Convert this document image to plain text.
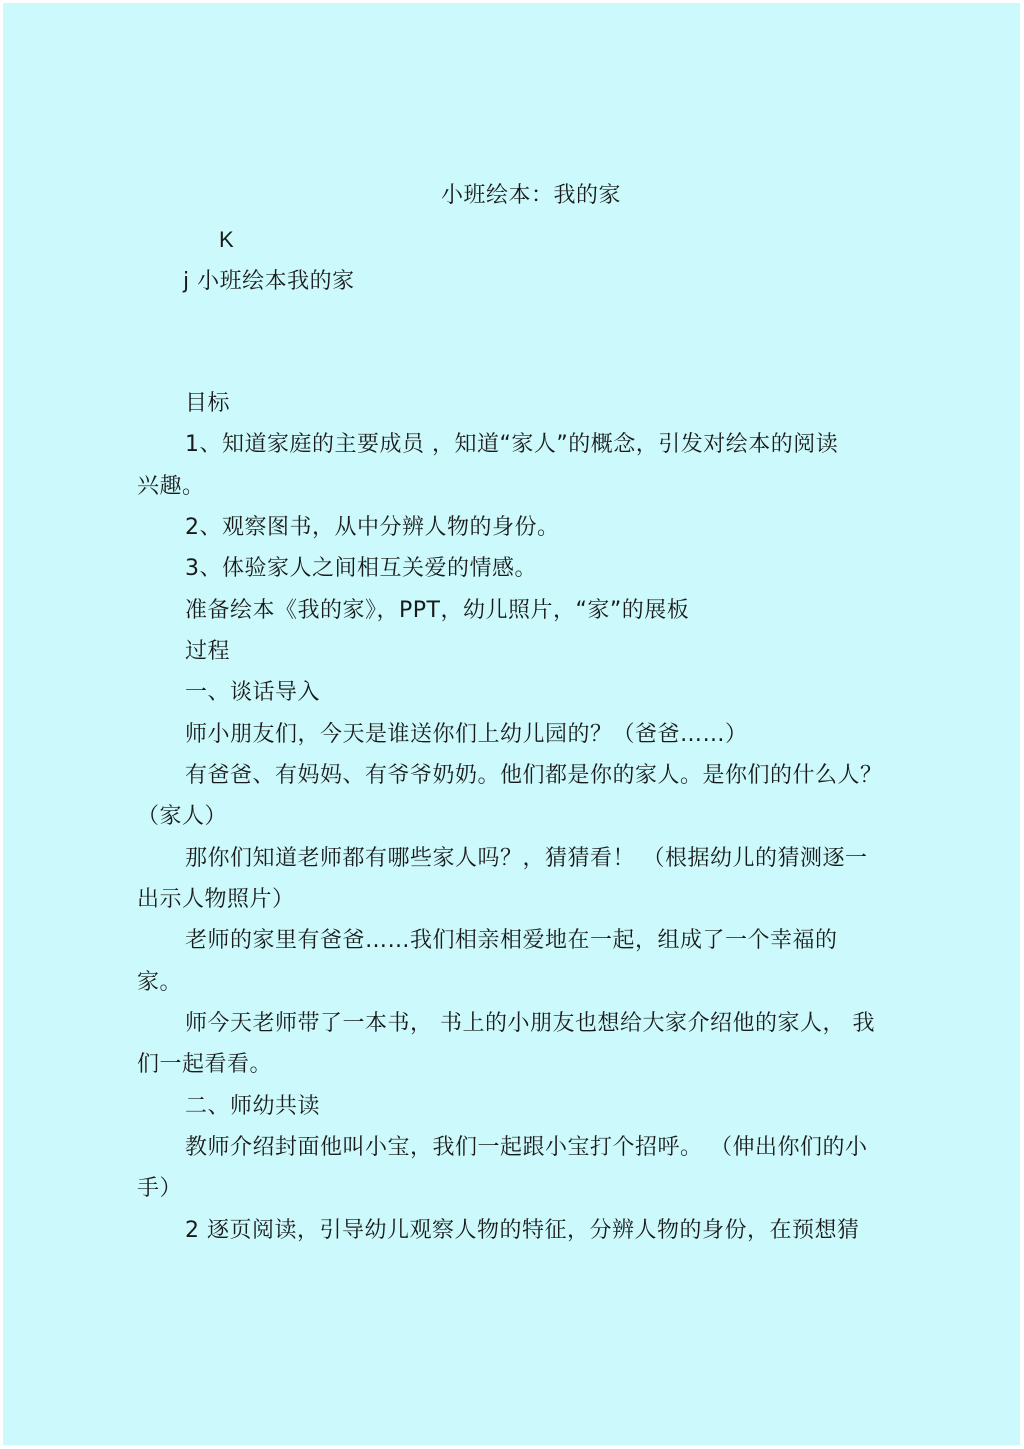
小班绘本：我的家
K
j 小班绘本我的家
目标
1、知道家庭的主要成员 ，知道“家人”的概念，引发对绘本的阅读
兴趣。
2、观察图书，从中分辨人物的身份。
3、体验家人之间相互关爱的情感。
准备绘本《我的家》，PPT，幼儿照片，“家”的展板
过程
一、谈话导入
师小朋友们，今天是谁送你们上幼儿园的？（爸爸……）
有爸爸、有妈妈、有爷爷奶奶。他们都是你的家人。是你们的什么人？
（家人）
那你们知道老师都有哪些家人吗？，猜猜看！ （根据幼儿的猜测逐一
出示人物照片）
老师的家里有爸爸……我们相亲相爱地在一起，组成了一个幸福的
家。
师今天老师带了一本书， 书上的小朋友也想给大家介绍他的家人， 我
们一起看看。
二、师幼共读
教师介绍封面他叫小宝，我们一起跟小宝打个招呼。 （伸出你们的小
手）
2 逐页阅读，引导幼儿观察人物的特征，分辨人物的身份，在预想猜
